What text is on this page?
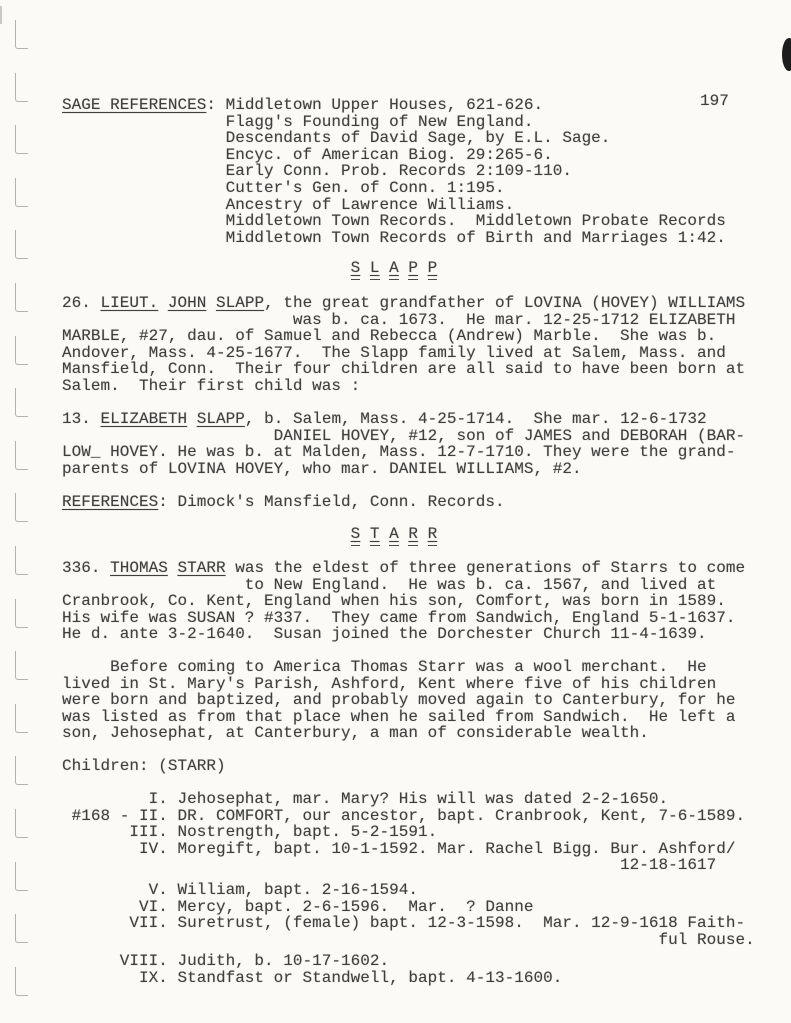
197
SAGE REFERENCES: Middletown Upper Houses, 621-626.
Flagg's Founding of New England.
Descendants of David Sage, by E.L. Sage.
Encyc. of American Biog. 29:265-6.
Early Conn. Prob. Records 2:109-110.
Cutter's Gen. of Conn. 1:195.
Ancestry of Lawrence Williams.
Middletown Town Records.  Middletown Probate Records
Middletown Town Records of Birth and Marriages 1:42.
S L A P P
26. LIEUT. JOHN SLAPP, the great grandfather of LOVINA (HOVEY) WILLIAMS
was b. ca. 1673.  He mar. 12-25-1712 ELIZABETH
MARBLE, #27, dau. of Samuel and Rebecca (Andrew) Marble.  She was b.
Andover, Mass. 4-25-1677.  The Slapp family lived at Salem, Mass. and
Mansfield, Conn.  Their four children are all said to have been born at
Salem.  Their first child was :
13. ELIZABETH SLAPP, b. Salem, Mass. 4-25-1714.  She mar. 12-6-1732
DANIEL HOVEY, #12, son of JAMES and DEBORAH (BAR-
LOW_ HOVEY. He was b. at Malden, Mass. 12-7-1710. They were the grand-
parents of LOVINA HOVEY, who mar. DANIEL WILLIAMS, #2.
REFERENCES: Dimock's Mansfield, Conn. Records.
S T A R R
336. THOMAS STARR was the eldest of three generations of Starrs to come
to New England.  He was b. ca. 1567, and lived at
Cranbrook, Co. Kent, England when his son, Comfort, was born in 1589.
His wife was SUSAN ? #337.  They came from Sandwich, England 5-1-1637.
He d. ante 3-2-1640.  Susan joined the Dorchester Church 11-4-1639.
Before coming to America Thomas Starr was a wool merchant.  He
lived in St. Mary's Parish, Ashford, Kent where five of his children
were born and baptized, and probably moved again to Canterbury, for he
was listed as from that place when he sailed from Sandwich.  He left a
son, Jehosephat, at Canterbury, a man of considerable wealth.
Children: (STARR)
I. Jehosephat, mar. Mary? His will was dated 2-2-1650.
#168 - II. DR. COMFORT, our ancestor, bapt. Cranbrook, Kent, 7-6-1589.
III. Nostrength, bapt. 5-2-1591.
IV. Moregift, bapt. 10-1-1592. Mar. Rachel Bigg. Bur. Ashford/
12-18-1617
V. William, bapt. 2-16-1594.
VI. Mercy, bapt. 2-6-1596.  Mar.  ? Danne
VII. Suretrust, (female) bapt. 12-3-1598.  Mar. 12-9-1618 Faith-
ful Rouse.
VIII. Judith, b. 10-17-1602.
IX. Standfast or Standwell, bapt. 4-13-1600.
